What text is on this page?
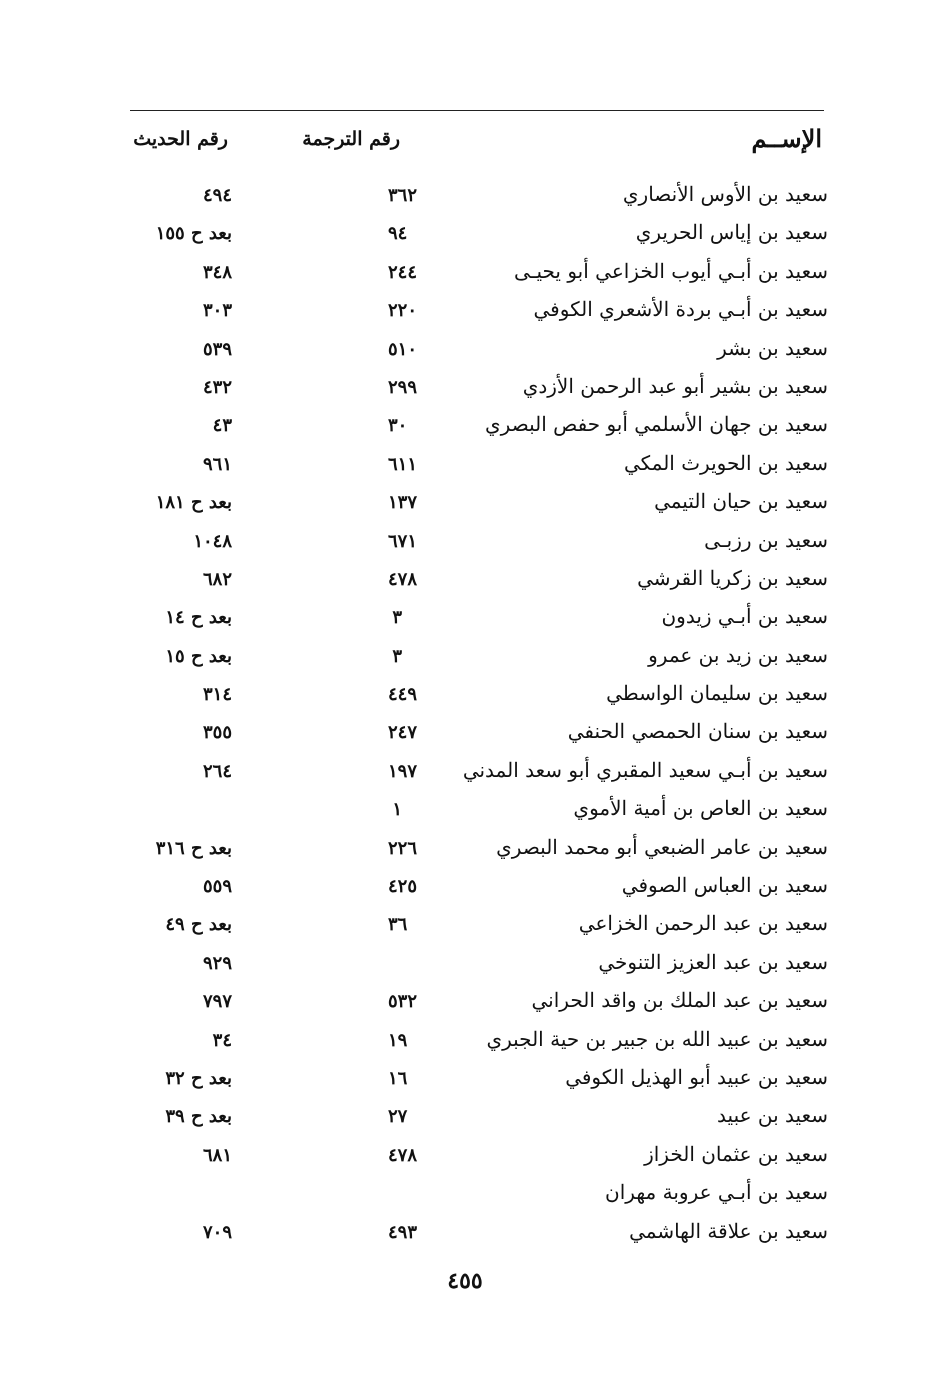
الإســم
رقم الترجمة
رقم الحديث
سعيد بن الأوس الأنصاري
٣٦٢
٤٩٤
سعيد بن إياس الحريري
٩٤
بعد ح ١٥٥
سعيد بن أبـي أيوب الخزاعي أبو يحيـى
٢٤٤
٣٤٨
سعيد بن أبـي بردة الأشعري الكوفي
٢٢٠
٣٠٣
سعيد بن بشر
٥١٠
٥٣٩
سعيد بن بشير أبو عبد الرحمن الأزدي
٢٩٩
٤٣٢
سعيد بن جهان الأسلمي أبو حفص البصري
٣٠
٤٣
سعيد بن الحويرث المكي
٦١١
٩٦١
سعيد بن حيان التيمي
١٣٧
بعد ح ١٨١
سعيد بن رزبـى
٦٧١
١٠٤٨
سعيد بن زكريا القرشي
٤٧٨
٦٨٢
سعيد بن أبـي زيدون
٣
بعد ح ١٤
سعيد بن زيد بن عمرو
٣
بعد ح ١٥
سعيد بن سليمان الواسطي
٤٤٩
٣١٤
سعيد بن سنان الحمصي الحنفي
٢٤٧
٣٥٥
سعيد بن أبـي سعيد المقبري أبو سعد المدني
١٩٧
٢٦٤
سعيد بن العاص بن أمية الأموي
١
سعيد بن عامر الضبعي أبو محمد البصري
٢٢٦
بعد ح ٣١٦
سعيد بن العباس الصوفي
٤٢٥
٥٥٩
سعيد بن عبد الرحمن الخزاعي
٣٦
بعد ح ٤٩
سعيد بن عبد العزيز التنوخي
٩٢٩
سعيد بن عبد الملك بن واقد الحراني
٥٣٢
٧٩٧
سعيد بن عبيد الله بن جبير بن حية الجبري
١٩
٣٤
سعيد بن عبيد أبو الهذيل الكوفي
١٦
بعد ح ٣٢
سعيد بن عبيد
٢٧
بعد ح ٣٩
سعيد بن عثمان الخزاز
٤٧٨
٦٨١
سعيد بن أبـي عروبة مهران
سعيد بن علاقة الهاشمي
٤٩٣
٧٠٩
٤٥٥
